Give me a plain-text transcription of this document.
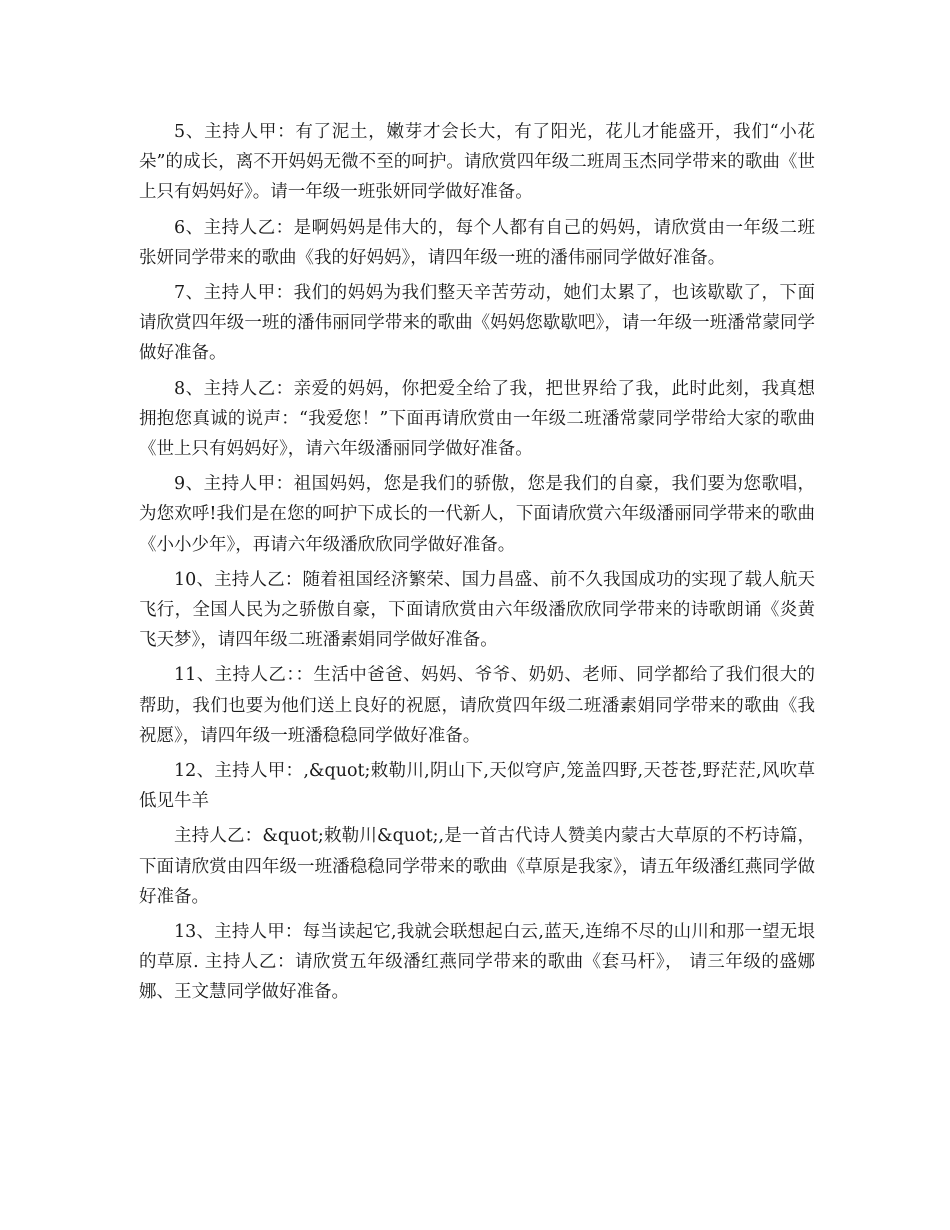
5、主持人甲：有了泥土，嫩芽才会长大，有了阳光，花儿才能盛开，我们“小花朵”的成长，离不开妈妈无微不至的呵护。请欣赏四年级二班周玉杰同学带来的歌曲《世上只有妈妈好》。请一年级一班张妍同学做好准备。

6、主持人乙：是啊妈妈是伟大的，每个人都有自己的妈妈，请欣赏由一年级二班张妍同学带来的歌曲《我的好妈妈》，请四年级一班的潘伟丽同学做好准备。

7、主持人甲：我们的妈妈为我们整天辛苦劳动，她们太累了，也该歇歇了，下面请欣赏四年级一班的潘伟丽同学带来的歌曲《妈妈您歇歇吧》，请一年级一班潘常蒙同学做好准备。

8、主持人乙：亲爱的妈妈，你把爱全给了我，把世界给了我，此时此刻，我真想拥抱您真诚的说声：“我爱您！”下面再请欣赏由一年级二班潘常蒙同学带给大家的歌曲《世上只有妈妈好》，请六年级潘丽同学做好准备。

9、主持人甲：祖国妈妈，您是我们的骄傲，您是我们的自豪，我们要为您歌唱，为您欢呼!我们是在您的呵护下成长的一代新人，下面请欣赏六年级潘丽同学带来的歌曲《小小少年》，再请六年级潘欣欣同学做好准备。

10、主持人乙：随着祖国经济繁荣、国力昌盛、前不久我国成功的实现了载人航天飞行，全国人民为之骄傲自豪，下面请欣赏由六年级潘欣欣同学带来的诗歌朗诵《炎黄飞天梦》，请四年级二班潘素娟同学做好准备。

11、主持人乙：：生活中爸爸、妈妈、爷爷、奶奶、老师、同学都给了我们很大的帮助，我们也要为他们送上良好的祝愿，请欣赏四年级二班潘素娟同学带来的歌曲《我祝愿》，请四年级一班潘稳稳同学做好准备。

12、主持人甲：,&quot;敕勒川,阴山下,天似穹庐,笼盖四野,天苍苍,野茫茫,风吹草低见牛羊

主持人乙：&quot;敕勒川&quot;,是一首古代诗人赞美内蒙古大草原的不朽诗篇，下面请欣赏由四年级一班潘稳稳同学带来的歌曲《草原是我家》，请五年级潘红燕同学做好准备。

13、主持人甲：每当读起它,我就会联想起白云,蓝天,连绵不尽的山川和那一望无垠的草原. 主持人乙：请欣赏五年级潘红燕同学带来的歌曲《套马杆》， 请三年级的盛娜娜、王文慧同学做好准备。
